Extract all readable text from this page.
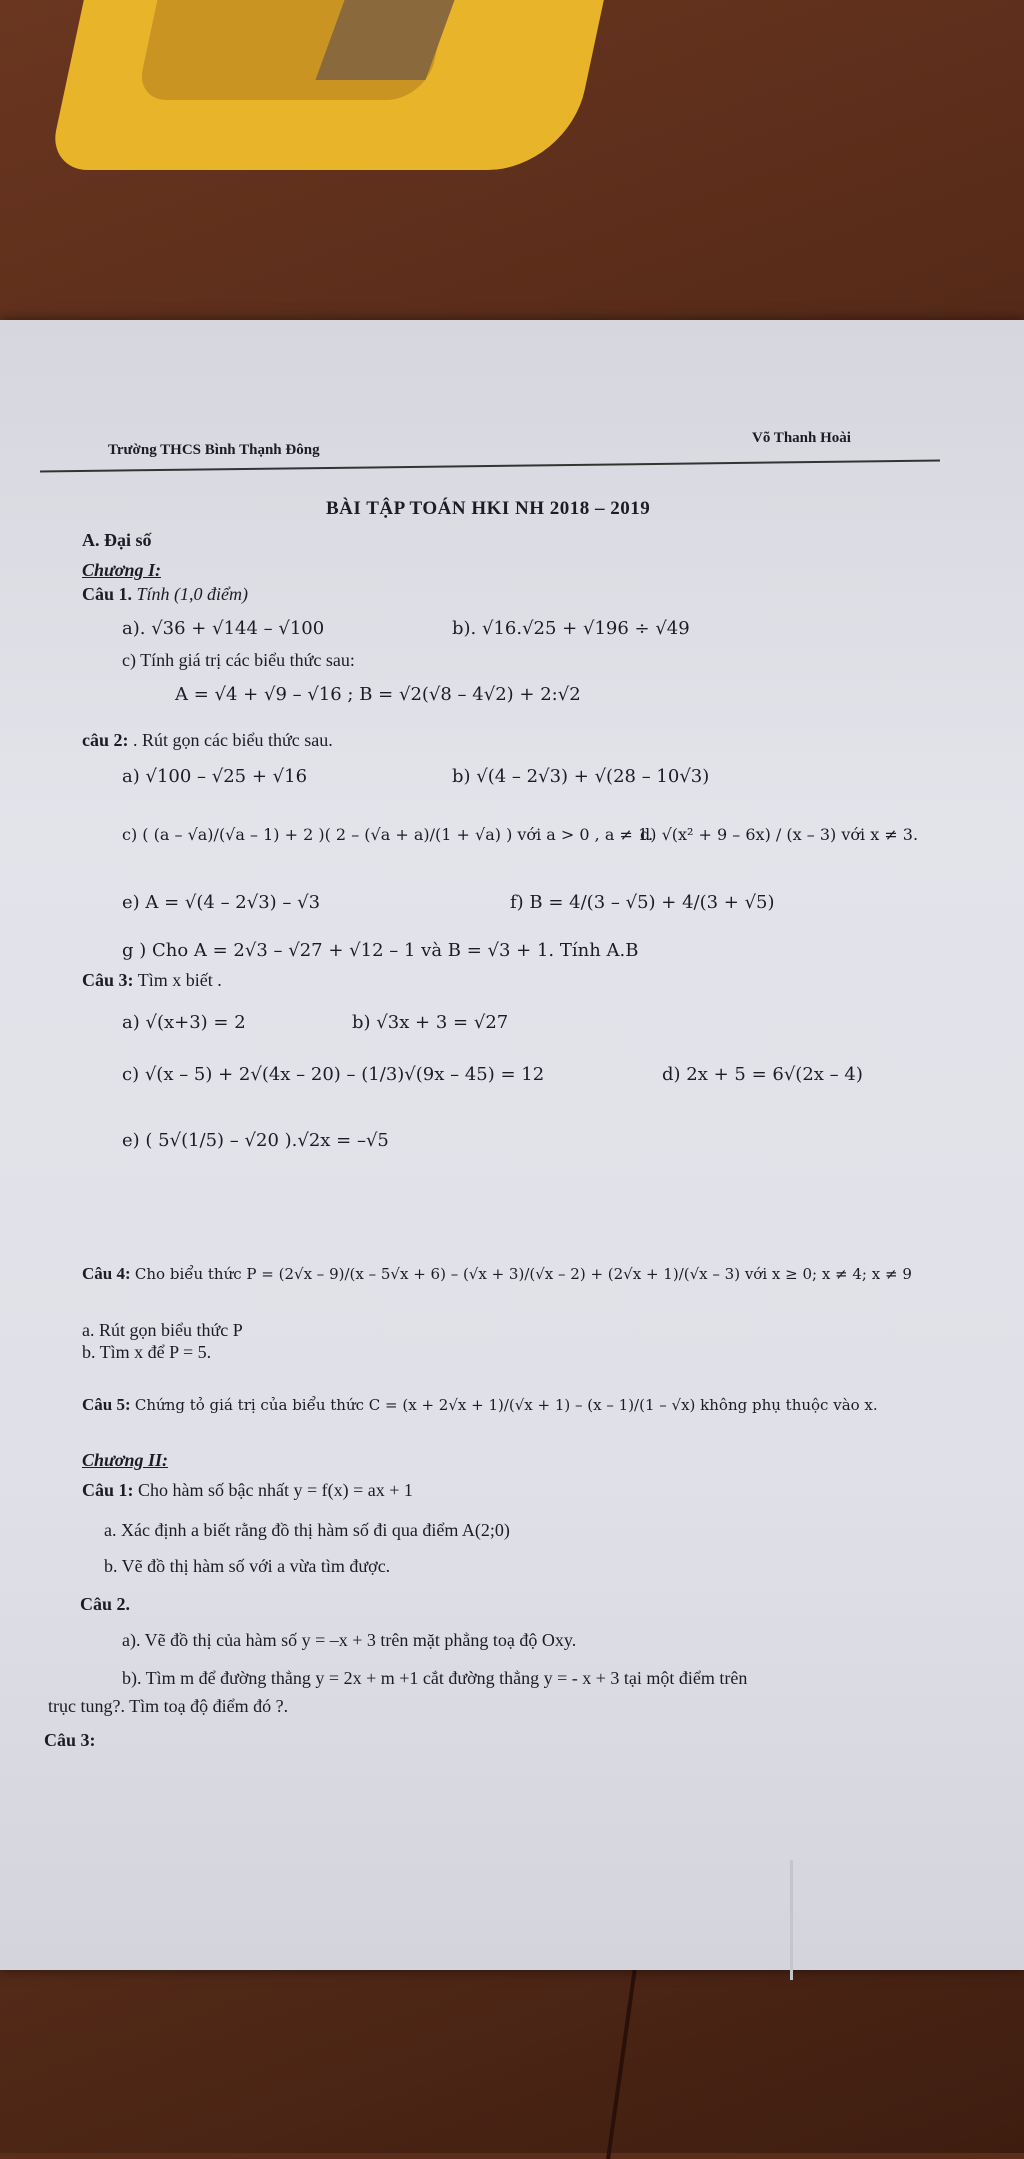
Trường THCS Bình Thạnh Đông
Võ Thanh Hoài
BÀI TẬP TOÁN HKI NH 2018 – 2019
A. Đại số
Chương I:
Câu 1. Tính (1,0 điểm)
a). √36 + √144 – √100	b). √16.√25 + √196 ÷ √49
c) Tính giá trị các biểu thức sau:
A = √4 + √9 – √16 ; B = √2(√8 – 4√2) + 2:√2
câu 2: . Rút gọn các biểu thức sau.
a) √100 – √25 + √16	b) √(4 – 2√3) + √(28 – 10√3)
c) ( (a – √a)/(√a – 1) + 2 )( 2 – (√a + a)/(1 + √a) ) với a > 0 , a ≠ 1.
d) √(x² + 9 – 6x) / (x – 3) với x ≠ 3.
e) A = √(4 – 2√3) – √3	f) B = 4/(3 – √5) + 4/(3 + √5)
g ) Cho A = 2√3 – √27 + √12 – 1 và B = √3 + 1. Tính A.B
Câu 3: Tìm x biết .
a) √(x+3) = 2	b) √3x + 3 = √27
c) √(x – 5) + 2√(4x – 20) – (1/3)√(9x – 45) = 12	d) 2x + 5 = 6√(2x – 4)
e) ( 5√(1/5) – √20 ).√2x = –√5
Câu 4: Cho biểu thức P = (2√x – 9)/(x – 5√x + 6) – (√x + 3)/(√x – 2) + (2√x + 1)/(√x – 3) với x ≥ 0; x ≠ 4; x ≠ 9
a. Rút gọn biểu thức P
b. Tìm x để P = 5.
Câu 5: Chứng tỏ giá trị của biểu thức C = (x + 2√x + 1)/(√x + 1) – (x – 1)/(1 – √x) không phụ thuộc vào x.
Chương II:
Câu 1: Cho hàm số bậc nhất y = f(x) = ax + 1
a. Xác định a biết rằng đồ thị hàm số đi qua điểm A(2;0)
b. Vẽ đồ thị hàm số với a vừa tìm được.
Câu 2.
a). Vẽ đồ thị của hàm số y = –x + 3 trên mặt phẳng toạ độ Oxy.
b). Tìm m để đường thẳng y = 2x + m +1 cắt đường thẳng y = - x + 3 tại một điểm trên
trục tung?. Tìm toạ độ điểm đó ?.
Câu 3:
